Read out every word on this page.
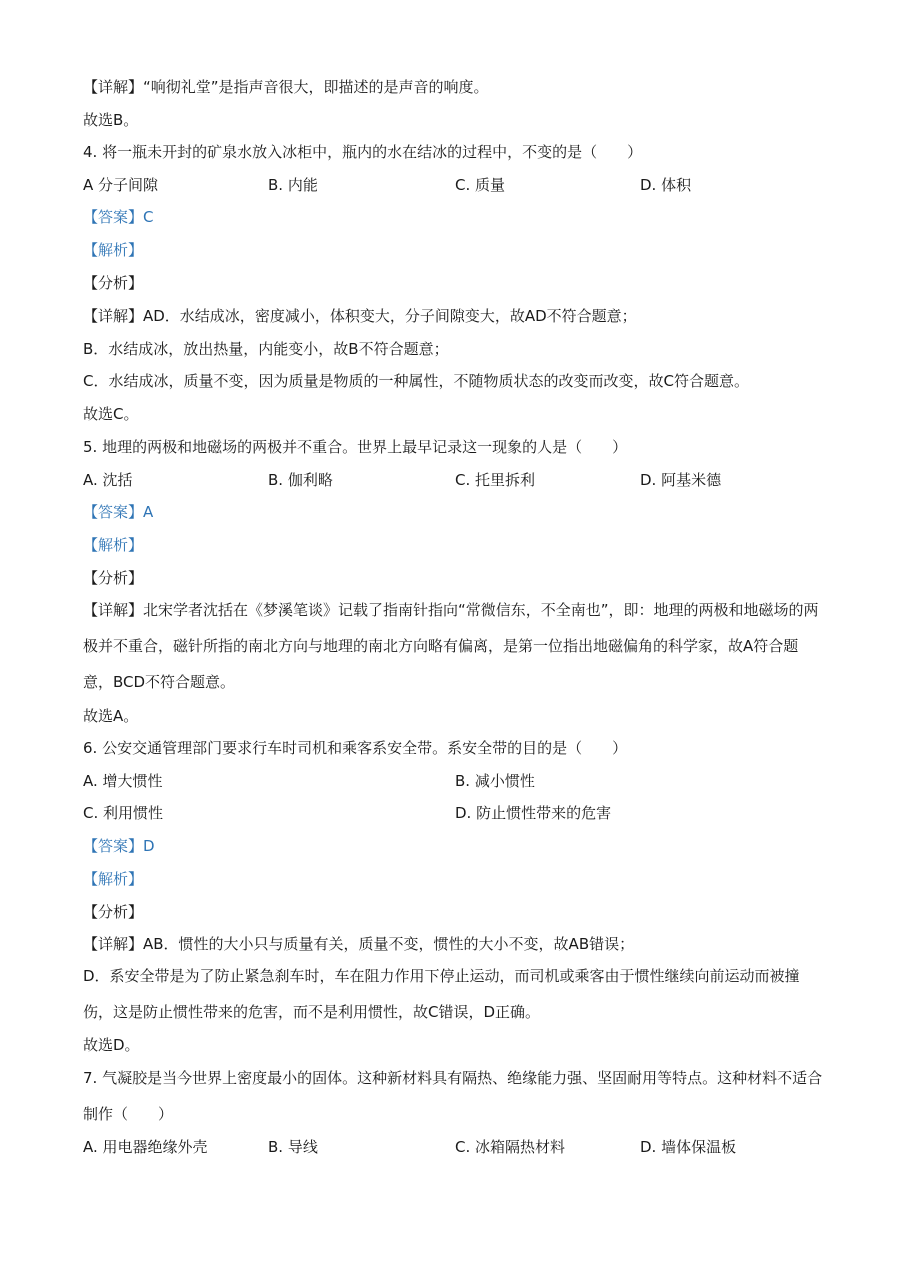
【详解】“响彻礼堂”是指声音很大，即描述的是声音的响度。
故选B。
4. 将一瓶未开封的矿泉水放入冰柜中，瓶内的水在结冰的过程中，不变的是（　　）
A 分子间隙	B. 内能	C. 质量	D. 体积
【答案】C
【解析】
【分析】
【详解】AD．水结成冰，密度减小，体积变大，分子间隙变大，故AD不符合题意；
B．水结成冰，放出热量，内能变小，故B不符合题意；
C．水结成冰，质量不变，因为质量是物质的一种属性，不随物质状态的改变而改变，故C符合题意。
故选C。
5. 地理的两极和地磁场的两极并不重合。世界上最早记录这一现象的人是（　　）
A. 沈括	B. 伽利略	C. 托里拆利	D. 阿基米德
【答案】A
【解析】
【分析】
【详解】北宋学者沈括在《梦溪笔谈》记载了指南针指向“常微信东，不全南也”，即：地理的两极和地磁场的两极并不重合，磁针所指的南北方向与地理的南北方向略有偏离，是第一位指出地磁偏角的科学家，故A符合题意，BCD不符合题意。
故选A。
6. 公安交通管理部门要求行车时司机和乘客系安全带。系安全带的目的是（　　）
A. 增大惯性	B. 减小惯性
C. 利用惯性	D. 防止惯性带来的危害
【答案】D
【解析】
【分析】
【详解】AB．惯性的大小只与质量有关，质量不变，惯性的大小不变，故AB错误；
D．系安全带是为了防止紧急刹车时，车在阻力作用下停止运动，而司机或乘客由于惯性继续向前运动而被撞伤，这是防止惯性带来的危害，而不是利用惯性，故C错误，D正确。
故选D。
7. 气凝胶是当今世界上密度最小的固体。这种新材料具有隔热、绝缘能力强、坚固耐用等特点。这种材料不适合制作（　　）
A. 用电器绝缘外壳	B. 导线	C. 冰箱隔热材料	D. 墙体保温板
